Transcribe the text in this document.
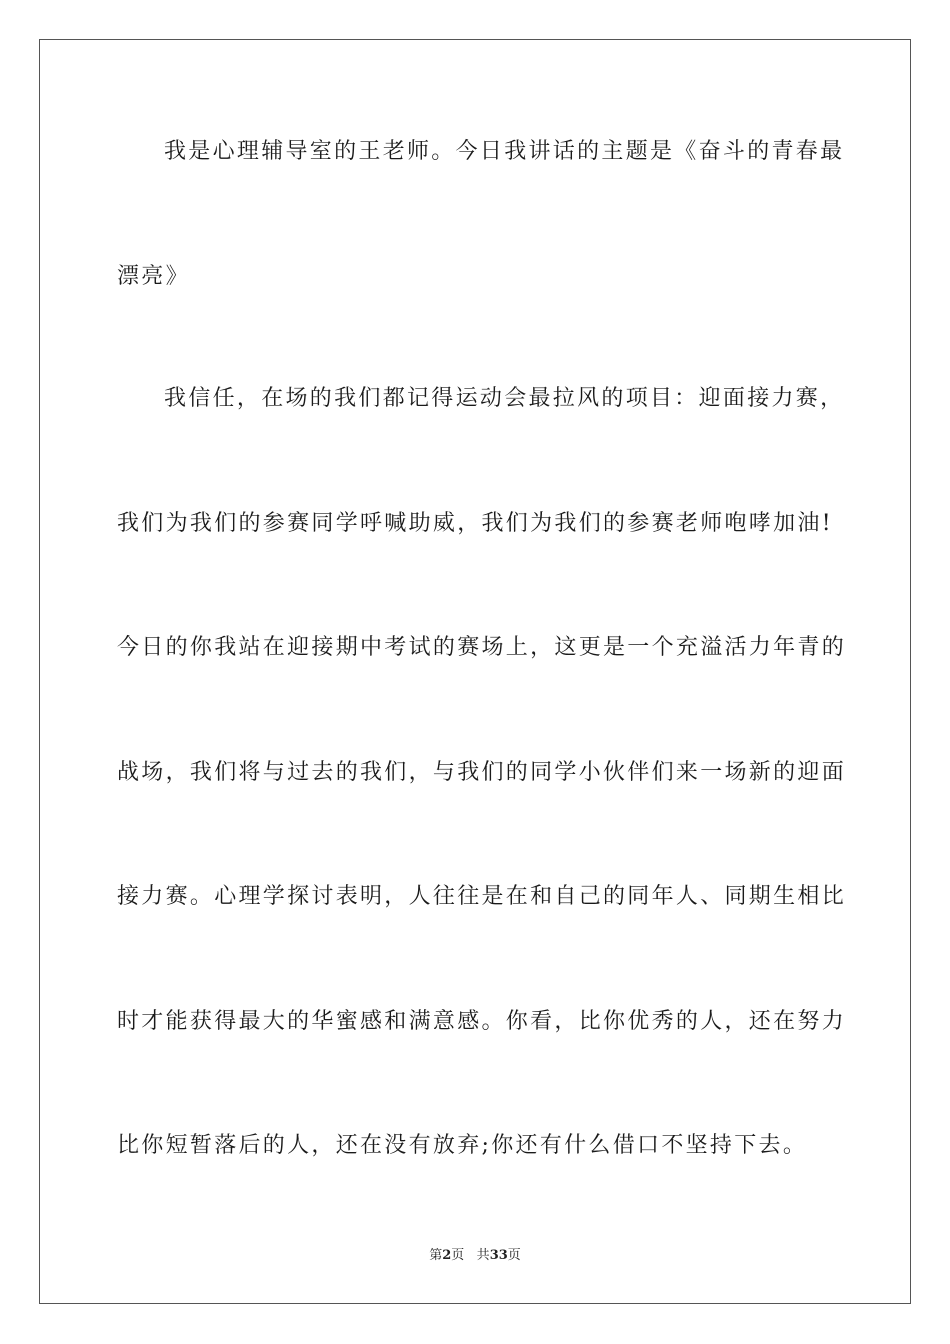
我是心理辅导室的王老师。今日我讲话的主题是《奋斗的青春最
漂亮》
我信任，在场的我们都记得运动会最拉风的项目：迎面接力赛，
我们为我们的参赛同学呼喊助威，我们为我们的参赛老师咆哮加油!
今日的你我站在迎接期中考试的赛场上，这更是一个充溢活力年青的
战场，我们将与过去的我们，与我们的同学小伙伴们来一场新的迎面
接力赛。心理学探讨表明，人往往是在和自己的同年人、同期生相比
时才能获得最大的华蜜感和满意感。你看，比你优秀的人，还在努力
比你短暂落后的人，还在没有放弃;你还有什么借口不坚持下去。
第2页 共33页
